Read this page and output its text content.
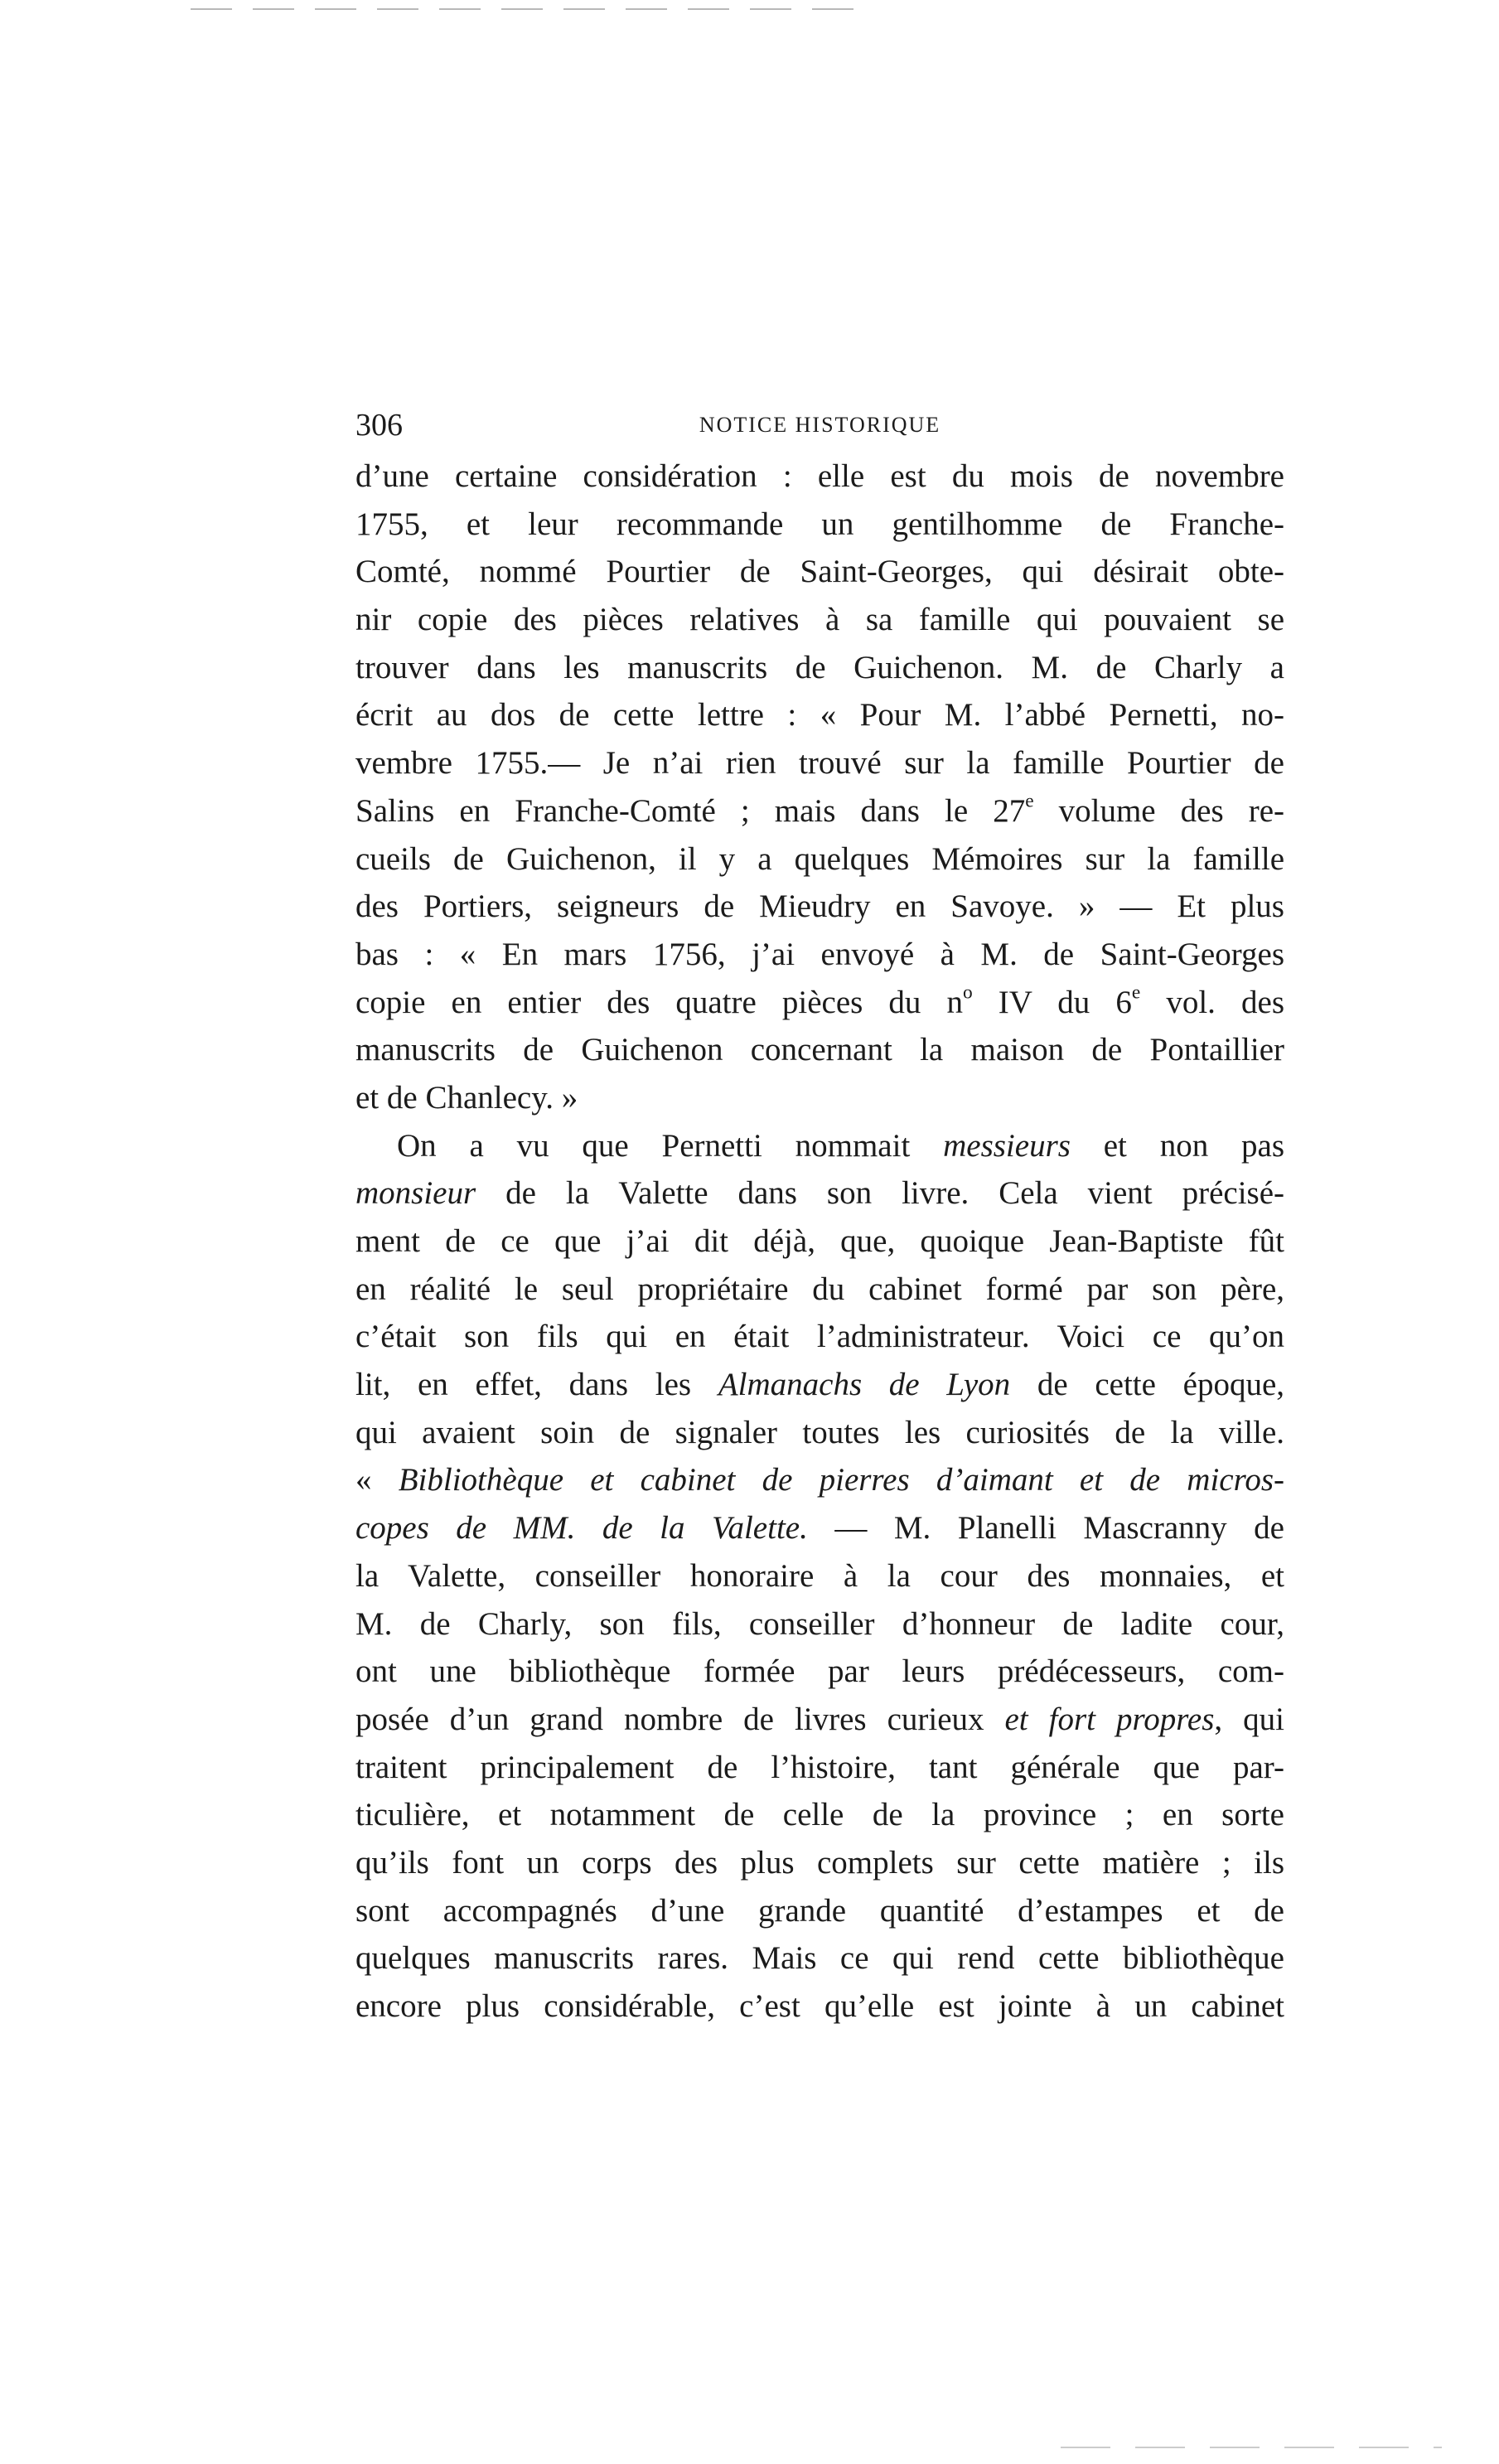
306	NOTICE HISTORIQUE
d’une certaine considération : elle est du mois de novembre
1755, et leur recommande un gentilhomme de Franche-
Comté, nommé Pourtier de Saint-Georges, qui désirait obte-
nir copie des pièces relatives à sa famille qui pouvaient se
trouver dans les manuscrits de Guichenon. M. de Charly a
écrit au dos de cette lettre : « Pour M. l’abbé Pernetti, no-
vembre 1755.— Je n’ai rien trouvé sur la famille Pourtier de
Salins en Franche-Comté ; mais dans le 27e volume des re-
cueils de Guichenon, il y a quelques Mémoires sur la famille
des Portiers, seigneurs de Mieudry en Savoye. » — Et plus
bas : « En mars 1756, j’ai envoyé à M. de Saint-Georges
copie en entier des quatre pièces du $n^o$ IV du 6e vol. des
manuscrits de Guichenon concernant la maison de Pontaillier
et de Chanlecy. »
On a vu que Pernetti nommait messieurs et non pas
monsieur de la Valette dans son livre. Cela vient précisé-
ment de ce que j’ai dit déjà, que, quoique Jean-Baptiste fût
en réalité le seul propriétaire du cabinet formé par son père,
c’était son fils qui en était l’administrateur. Voici ce qu’on
lit, en effet, dans les Almanachs de Lyon de cette époque,
qui avaient soin de signaler toutes les curiosités de la ville.
« Bibliothèque et cabinet de pierres d’aimant et de micros-
copes de MM. de la Valette. — M. Planelli Mascranny de
la Valette, conseiller honoraire à la cour des monnaies, et
M. de Charly, son fils, conseiller d’honneur de ladite cour,
ont une bibliothèque formée par leurs prédécesseurs, com-
posée d’un grand nombre de livres curieux et fort propres, qui
traitent principalement de l’histoire, tant générale que par-
ticulière, et notamment de celle de la province ; en sorte
qu’ils font un corps des plus complets sur cette matière ; ils
sont accompagnés d’une grande quantité d’estampes et de
quelques manuscrits rares. Mais ce qui rend cette bibliothèque
encore plus considérable, c’est qu’elle est jointe à un cabinet
